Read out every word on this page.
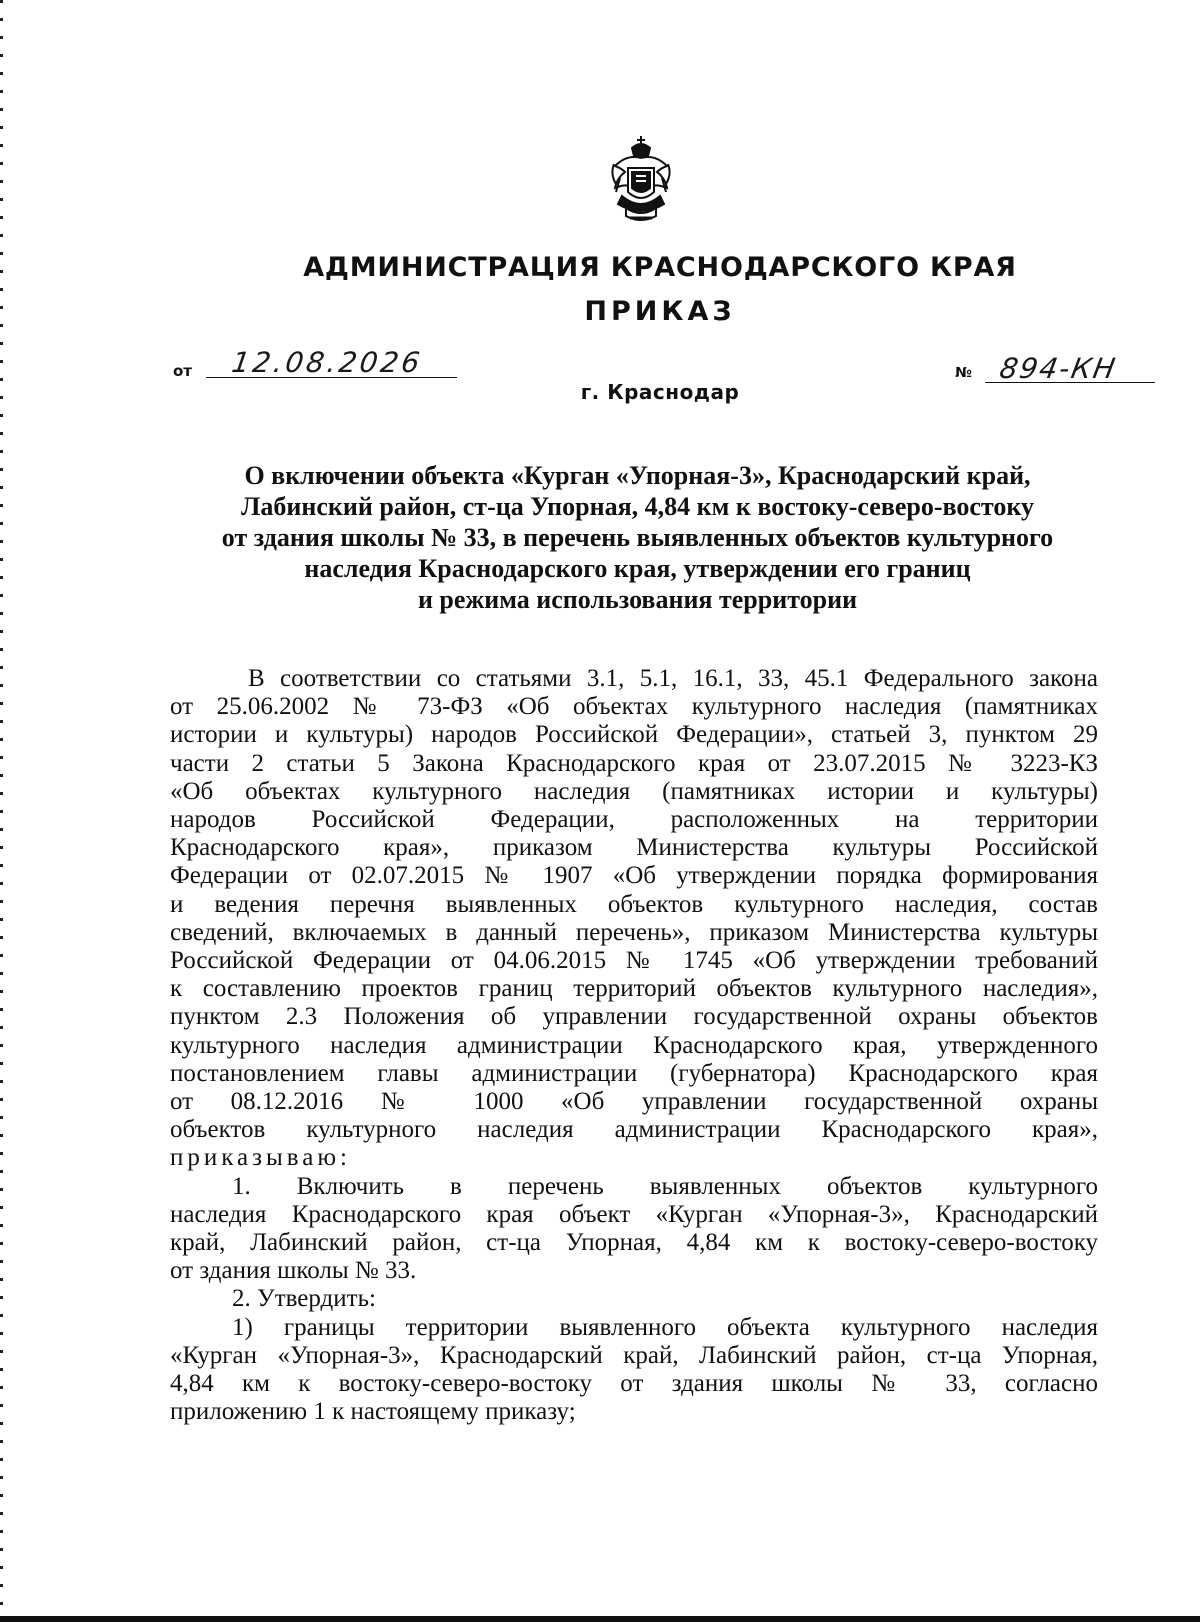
АДМИНИСТРАЦИЯ КРАСНОДАРСКОГО КРАЯ
ПРИКАЗ
от 12.08.2026	№ 894-КН
г. Краснодар
О включении объекта «Курган «Упорная-3», Краснодарский край,
Лабинский район, ст-ца Упорная, 4,84 км к востоку-северо-востоку
от здания школы № 33, в перечень выявленных объектов культурного
наследия Краснодарского края, утверждении его границ
и режима использования территории
В соответствии со статьями 3.1, 5.1, 16.1, 33, 45.1 Федерального закона
от 25.06.2002 № 73-ФЗ «Об объектах культурного наследия (памятниках
истории и культуры) народов Российской Федерации», статьей 3, пунктом 29
части 2 статьи 5 Закона Краснодарского края от 23.07.2015 № 3223-КЗ
«Об объектах культурного наследия (памятниках истории и культуры)
народов Российской Федерации, расположенных на территории
Краснодарского края», приказом Министерства культуры Российской
Федерации от 02.07.2015 № 1907 «Об утверждении порядка формирования
и ведения перечня выявленных объектов культурного наследия, состав
сведений, включаемых в данный перечень», приказом Министерства культуры
Российской Федерации от 04.06.2015 № 1745 «Об утверждении требований
к составлению проектов границ территорий объектов культурного наследия»,
пунктом 2.3 Положения об управлении государственной охраны объектов
культурного наследия администрации Краснодарского края, утвержденного
постановлением главы администрации (губернатора) Краснодарского края
от 08.12.2016 № 1000 «Об управлении государственной охраны
объектов культурного наследия администрации Краснодарского края»,
приказываю:
1. Включить в перечень выявленных объектов культурного
наследия Краснодарского края объект «Курган «Упорная-3», Краснодарский
край, Лабинский район, ст-ца Упорная, 4,84 км к востоку-северо-востоку
от здания школы № 33.
2. Утвердить:
1) границы территории выявленного объекта культурного наследия
«Курган «Упорная-3», Краснодарский край, Лабинский район, ст-ца Упорная,
4,84 км к востоку-северо-востоку от здания школы № 33, согласно
приложению 1 к настоящему приказу;
